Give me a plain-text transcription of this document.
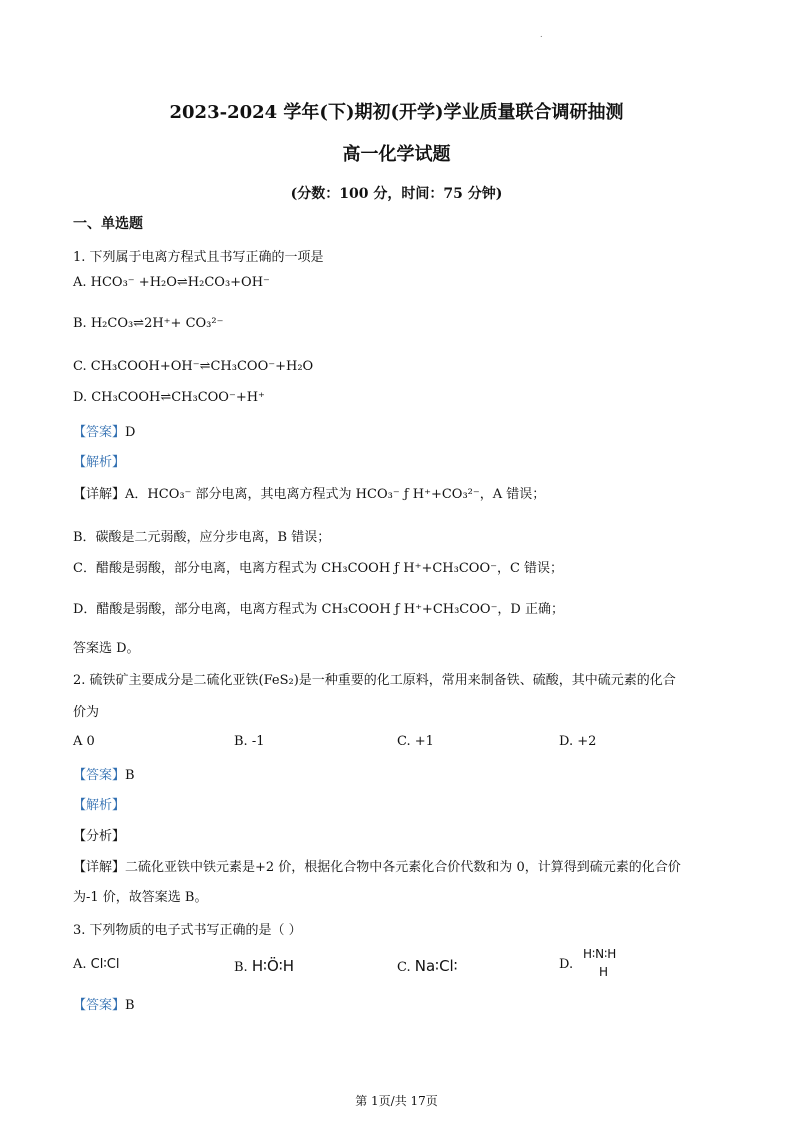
.
2023-2024 学年(下)期初(开学)学业质量联合调研抽测
高一化学试题
(分数：100 分，时间：75 分钟)
一、单选题
1. 下列属于电离方程式且书写正确的一项是
A. HCO₃⁻ +H₂O⇌H₂CO₃+OH⁻
B. H₂CO₃⇌2H⁺+ CO₃²⁻
C. CH₃COOH+OH⁻⇌CH₃COO⁻+H₂O
D. CH₃COOH⇌CH₃COO⁻+H⁺
【答案】D
【解析】
【详解】A．HCO₃⁻ 部分电离，其电离方程式为 HCO₃⁻ ƒ H⁺+CO₃²⁻，A 错误；
B．碳酸是二元弱酸，应分步电离，B 错误；
C．醋酸是弱酸，部分电离，电离方程式为 CH₃COOH ƒ H⁺+CH₃COO⁻，C 错误；
D．醋酸是弱酸，部分电离，电离方程式为 CH₃COOH ƒ H⁺+CH₃COO⁻，D 正确；
答案选 D。
2. 硫铁矿主要成分是二硫化亚铁(FeS₂)是一种重要的化工原料，常用来制备铁、硫酸，其中硫元素的化合
价为
A 0	B. -1	C. +1	D. +2
【答案】B
【解析】
【分析】
【详解】二硫化亚铁中铁元素是+2 价，根据化合物中各元素化合价代数和为 0，计算得到硫元素的化合价
为-1 价，故答案选 B。
3. 下列物质的电子式书写正确的是（ ）
A. Cl∶Cl	B. H∶Ö∶H	C. Na∶Cl∶	D.
H∶N∶H
H
【答案】B
第 1页/共 17页
